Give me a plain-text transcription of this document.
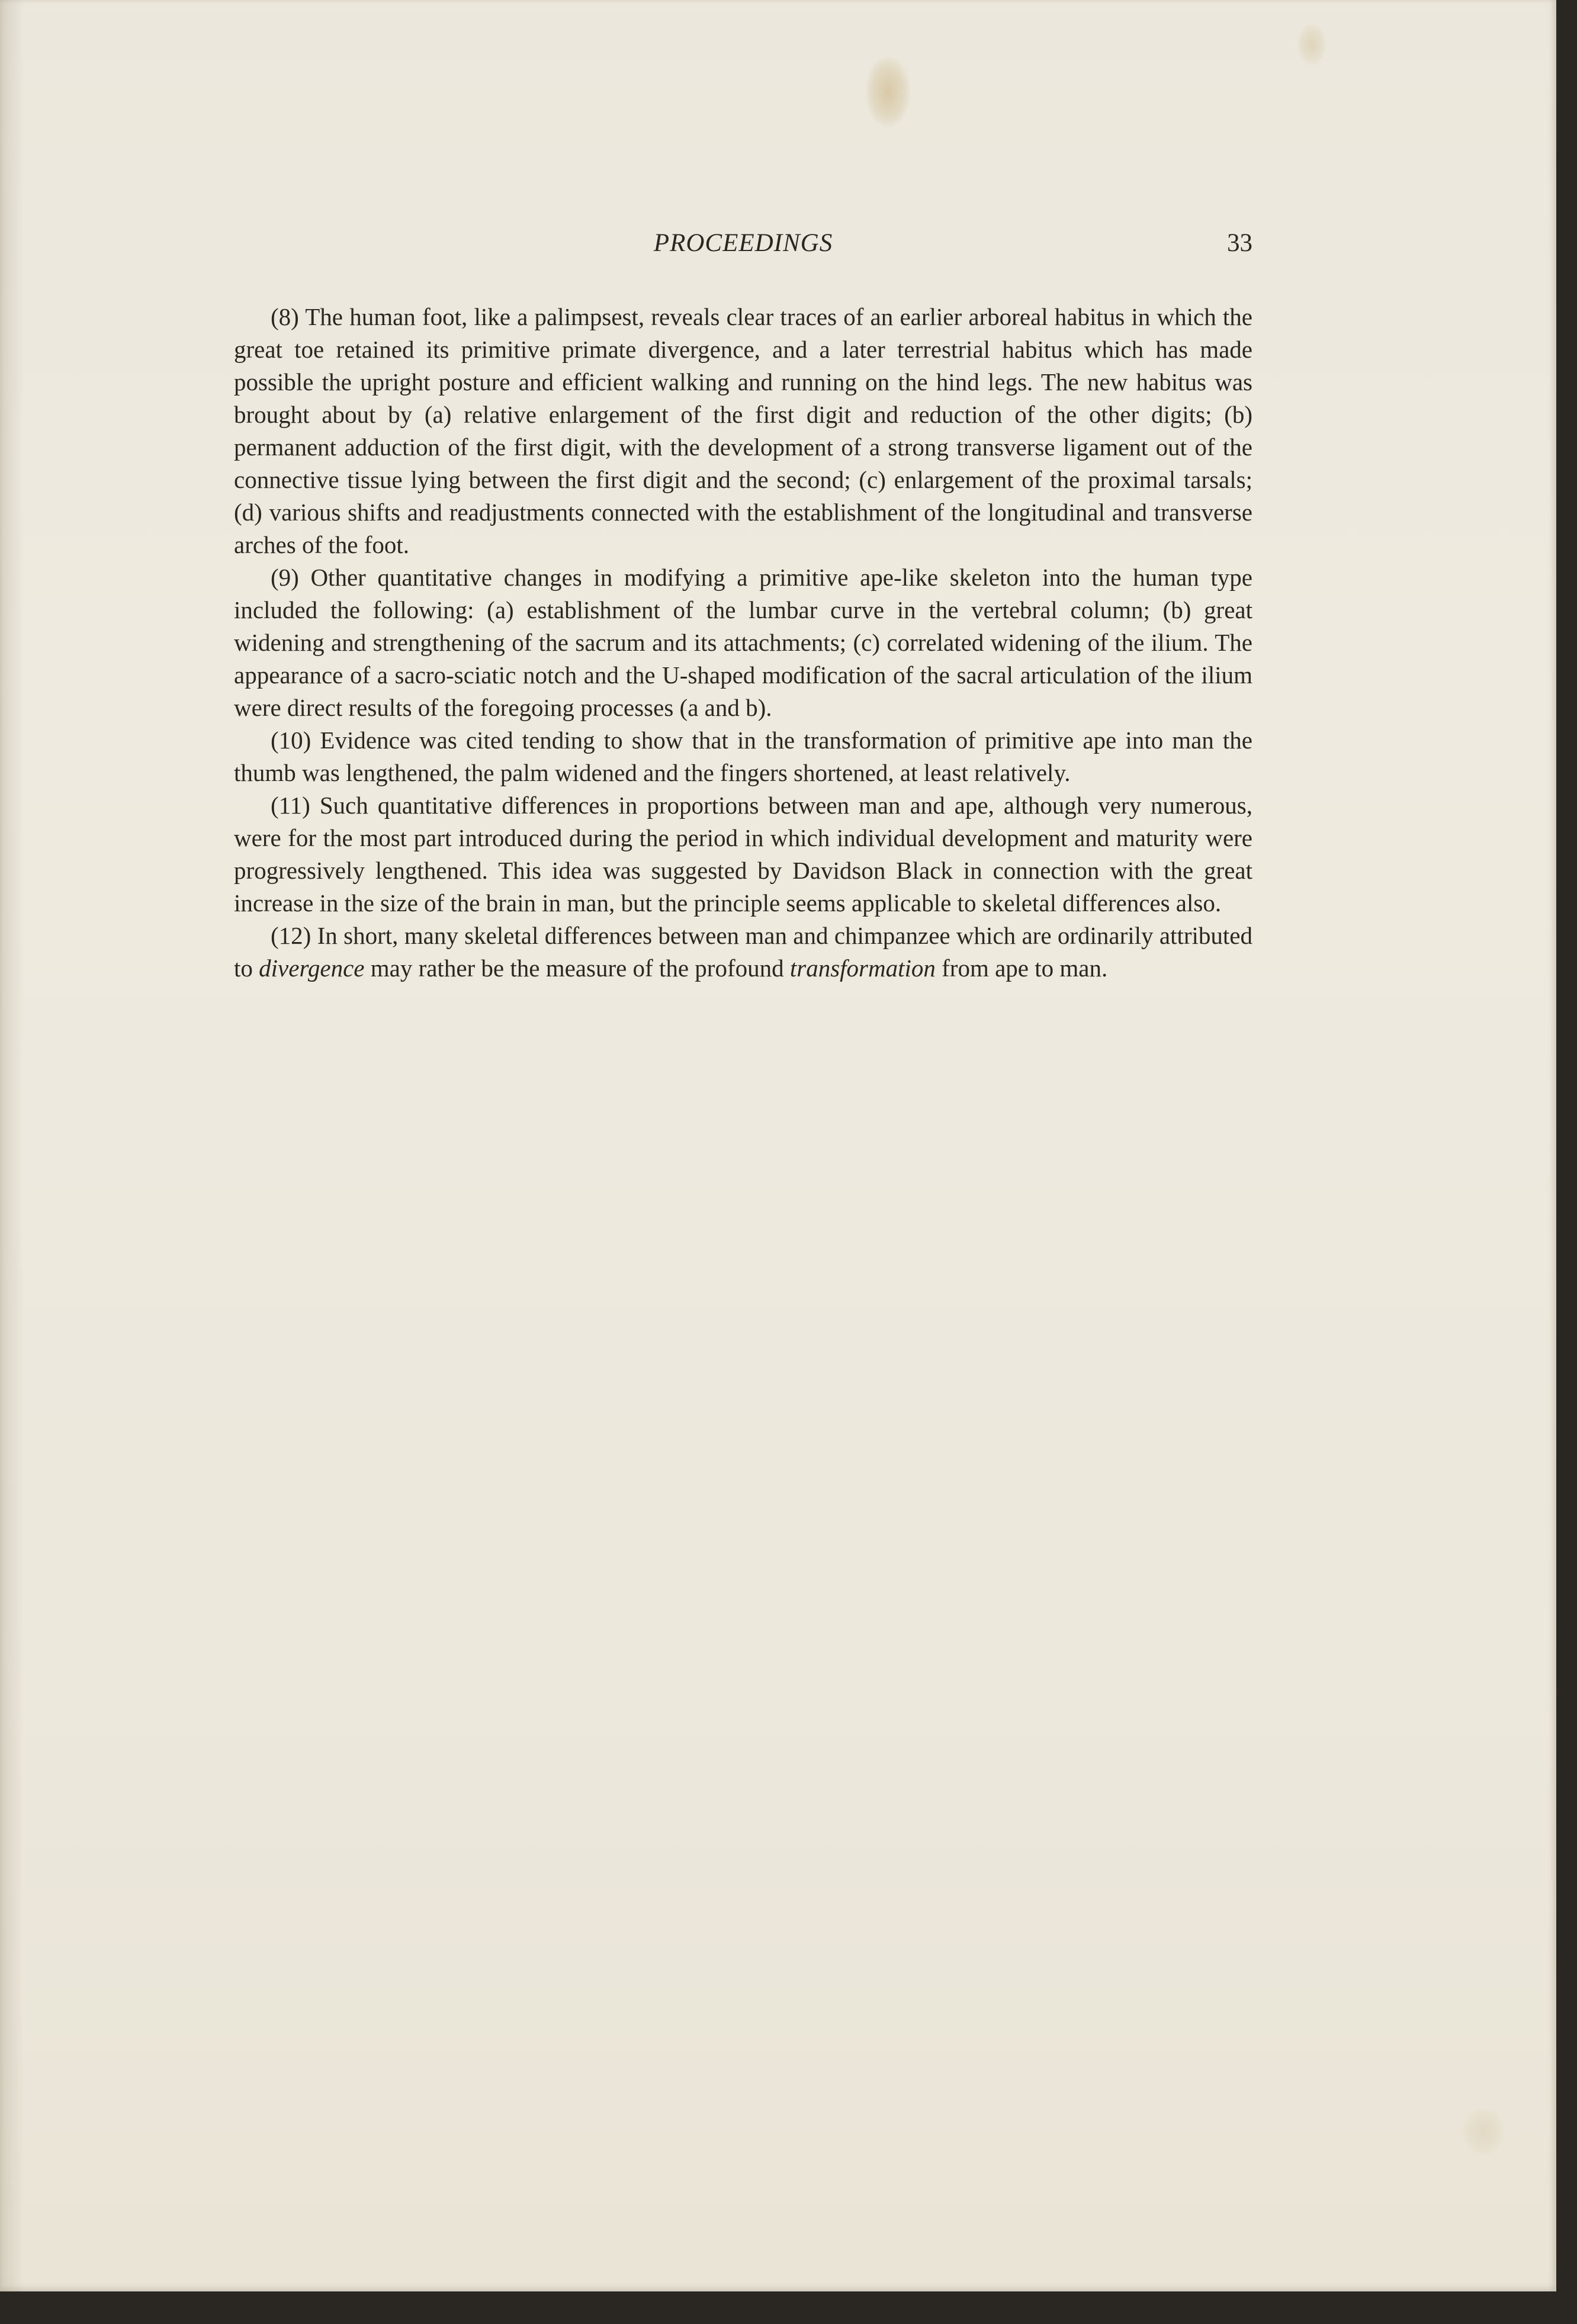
PROCEEDINGS	33

(8) The human foot, like a palimpsest, reveals clear traces of an earlier arboreal habitus in which the great toe retained its primitive primate divergence, and a later terrestrial habitus which has made possible the upright posture and efficient walking and running on the hind legs. The new habitus was brought about by (a) relative enlargement of the first digit and reduction of the other digits; (b) permanent adduction of the first digit, with the development of a strong transverse ligament out of the connective tissue lying between the first digit and the second; (c) enlargement of the proximal tarsals; (d) various shifts and readjustments connected with the establishment of the longitudinal and transverse arches of the foot.

(9) Other quantitative changes in modifying a primitive ape-like skeleton into the human type included the following: (a) establishment of the lumbar curve in the vertebral column; (b) great widening and strengthening of the sacrum and its attachments; (c) correlated widening of the ilium. The appearance of a sacro-sciatic notch and the U-shaped modification of the sacral articulation of the ilium were direct results of the foregoing processes (a and b).

(10) Evidence was cited tending to show that in the transformation of primitive ape into man the thumb was lengthened, the palm widened and the fingers shortened, at least relatively.

(11) Such quantitative differences in proportions between man and ape, although very numerous, were for the most part introduced during the period in which individual development and maturity were progressively lengthened. This idea was suggested by Davidson Black in connection with the great increase in the size of the brain in man, but the principle seems applicable to skeletal differences also.

(12) In short, many skeletal differences between man and chimpanzee which are ordinarily attributed to divergence may rather be the measure of the profound transformation from ape to man.
